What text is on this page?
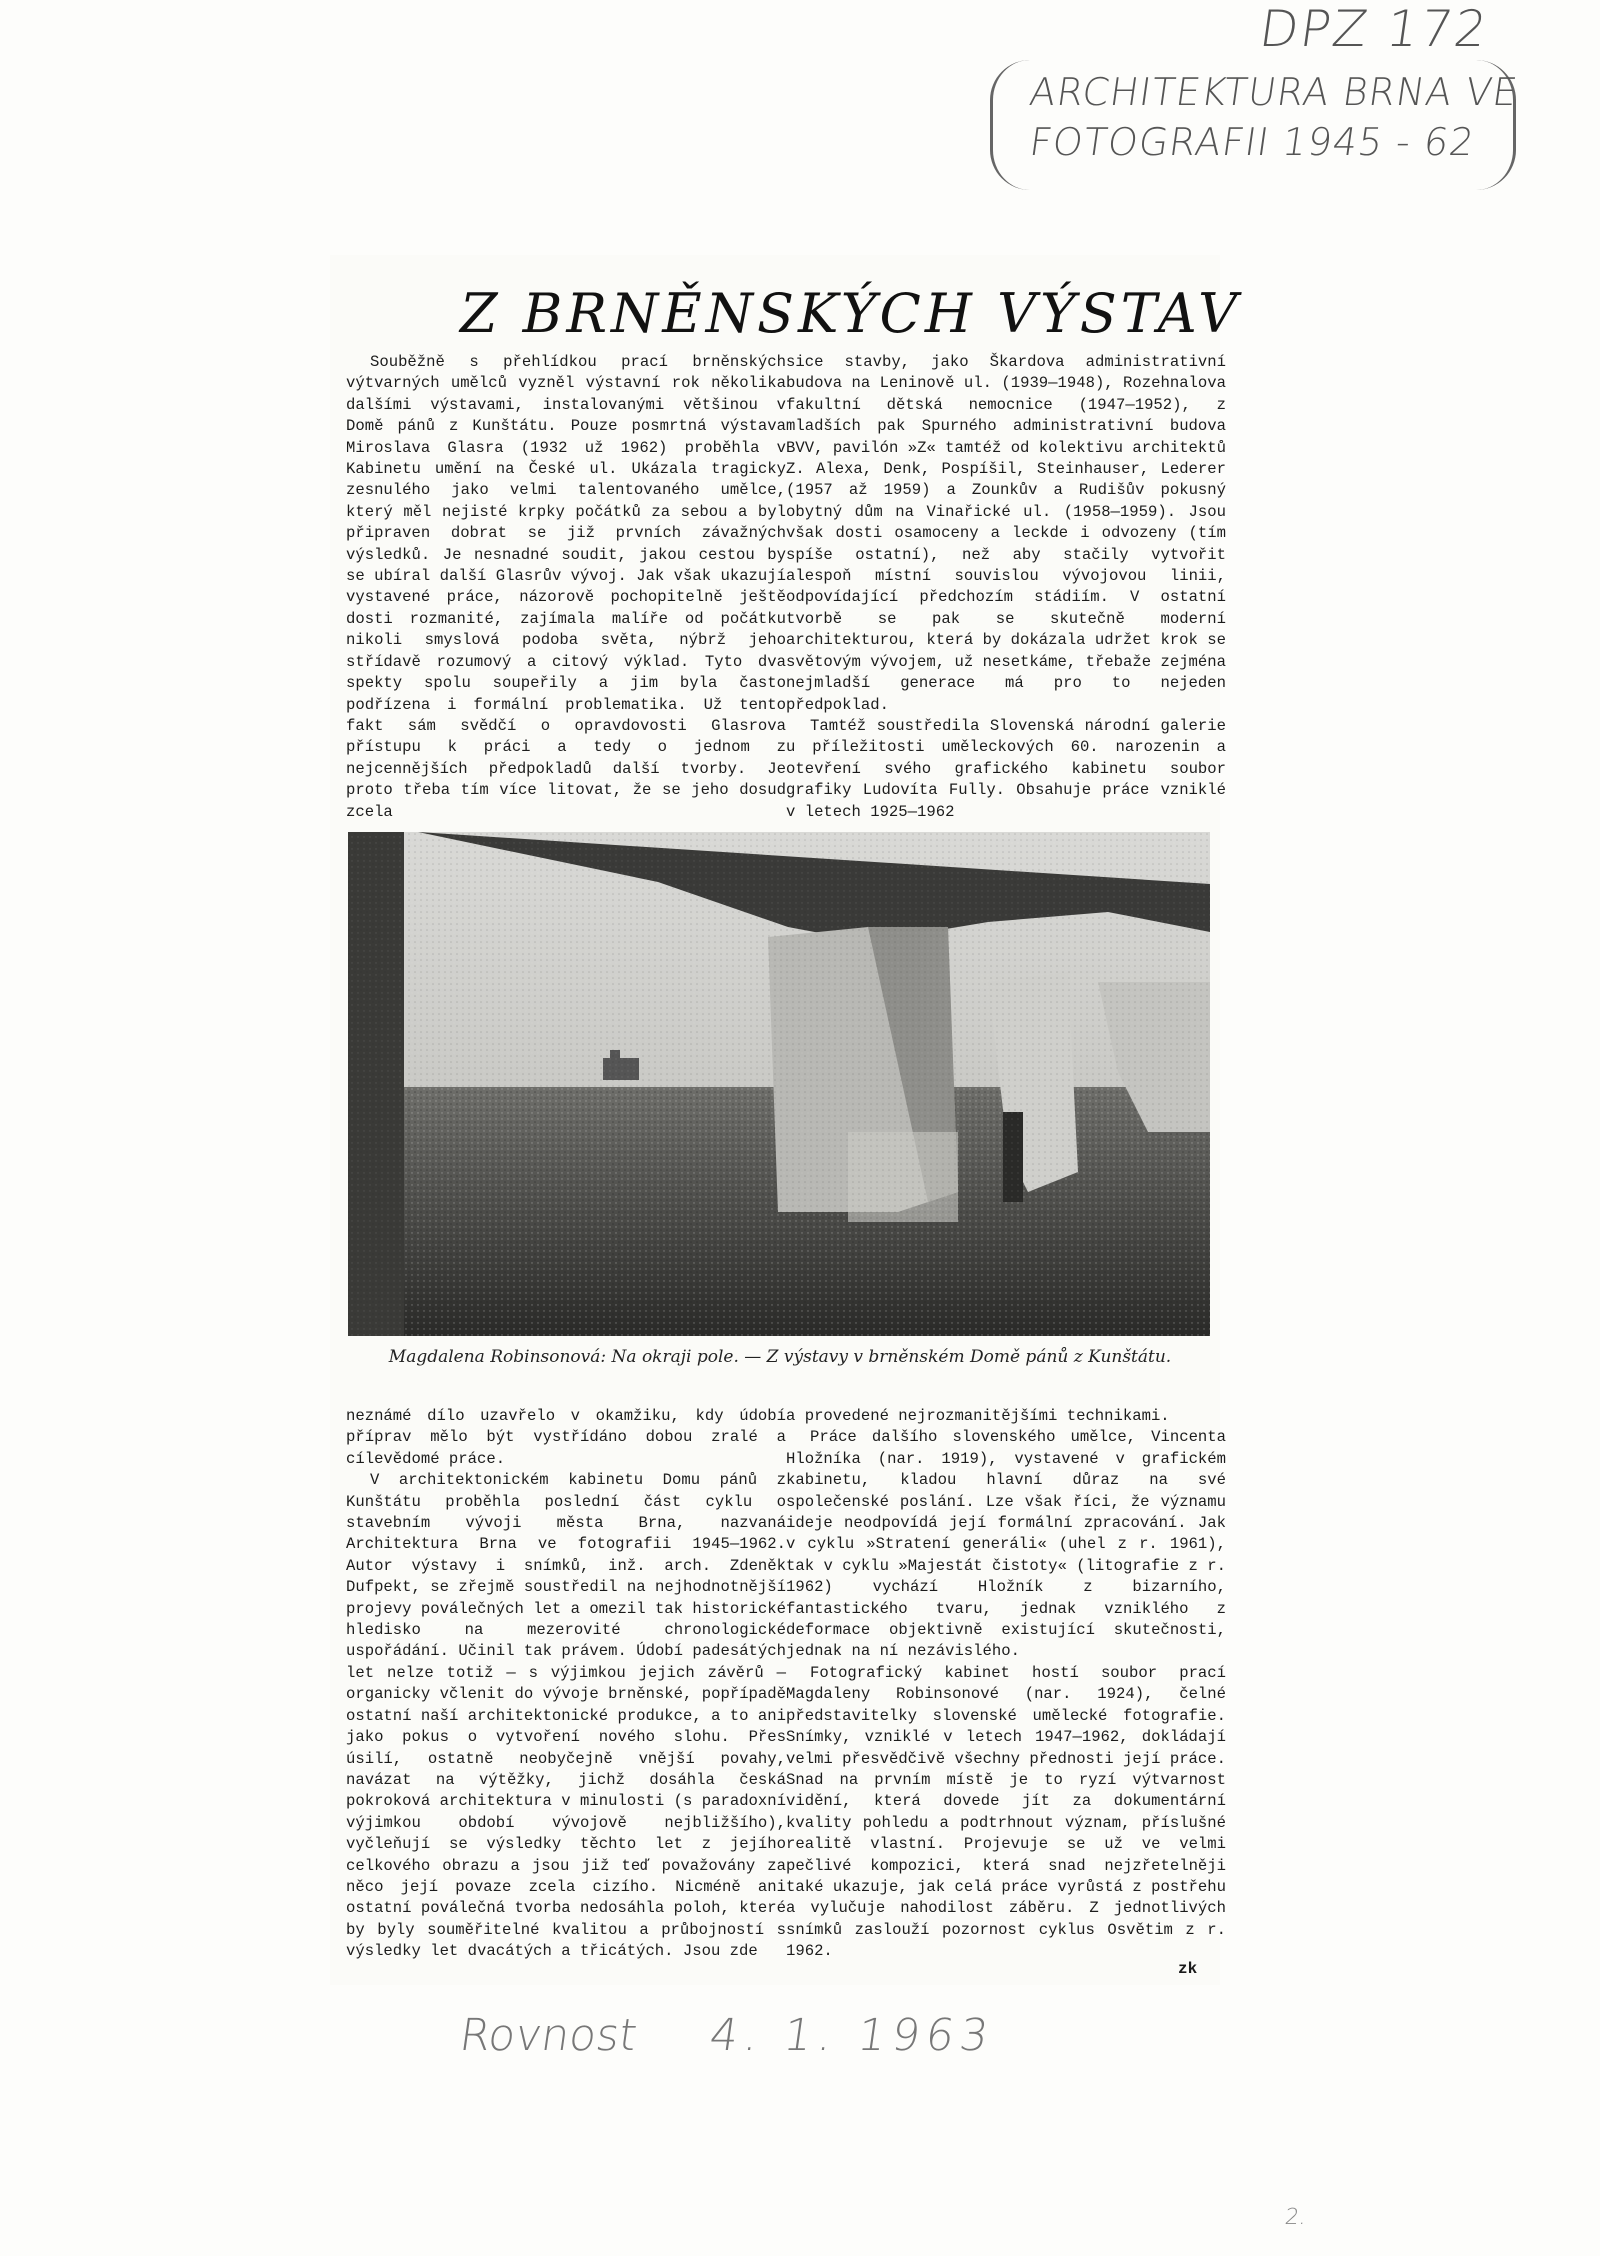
DPZ 172
ARCHITEKTURA BRNA VE
FOTOGRAFII 1945 - 62
Z BRNĚNSKÝCH VÝSTAV

Souběžně s přehlídkou prací brněnských výtvarných umělců vyzněl výstavní rok několika dalšími výstavami, instalovanými většinou v Domě pánů z Kunštátu. Pouze posmrtná výstava Miroslava Glasra (1932 už 1962) proběhla v Kabinetu umění na České ul. Ukázala tragicky zesnulého jako velmi talentovaného umělce, který měl nejisté krpky počátků za sebou a byl připraven dobrat se již prvních závažných výsledků. Je nesnadné soudit, jakou cestou by se ubíral další Glasrův vývoj. Jak však ukazují vystavené práce, názorově pochopitelně ještě dosti rozmanité, zajímala malíře od počátku nikoli smyslová podoba světa, nýbrž jeho střídavě rozumový a citový výklad. Tyto dva spekty spolu soupeřily a jim byla často podřízena i formální problematika. Už tento fakt sám svědčí o opravdovosti Glasrova přístupu k práci a tedy o jednom z nejcennějších předpokladů další tvorby. Je proto třeba tím více litovat, že se jeho dosud zcela

sice stavby, jako Škardova administrativní budova na Leninově ul. (1939—1948), Rozehnalova fakultní dětská nemocnice (1947—1952), z mladších pak Spurného administrativní budova BVV, pavilón »Z« tamtéž od kolektivu architektů Z. Alexa, Denk, Pospíšil, Steinhauser, Lederer (1957 až 1959) a Zounkův a Rudišův pokusný obytný dům na Vinařické ul. (1958—1959). Jsou však dosti osamoceny a leckde i odvozeny (tím spíše ostatní), než aby stačily vytvořit alespoň místní souvislou vývojovou linii, odpovídající předchozím stádiím. V ostatní tvorbě se pak se skutečně moderní architekturou, která by dokázala udržet krok se světovým vývojem, už nesetkáme, třebaže zejména nejmladší generace má pro to nejeden předpoklad.

Tamtéž soustředila Slovenská národní galerie u příležitosti uměleckových 60. narozenin a otevření svého grafického kabinetu soubor grafiky Ludovíta Fully. Obsahuje práce vzniklé v letech 1925—1962

Magdalena Robinsonová: Na okraji pole. — Z výstavy v brněnském Domě pánů z Kunštátu.

neznámé dílo uzavřelo v okamžiku, kdy údobí příprav mělo být vystřídáno dobou zralé a cílevědomé práce.

V architektonickém kabinetu Domu pánů z Kunštátu proběhla poslední část cyklu o stavebním vývoji města Brna, nazvaná Architektura Brna ve fotografii 1945—1962. Autor výstavy i snímků, inž. arch. Zdeněk Dufpekt, se zřejmě soustředil na nejhodnotnější projevy poválečných let a omezil tak historické hledisko na mezerovité chronologické uspořádání. Učinil tak právem. Údobí padesátých let nelze totiž — s výjimkou jejich závěrů — organicky včlenit do vývoje brněnské, popřípadě ostatní naší architektonické produkce, a to ani jako pokus o vytvoření nového slohu. Přes úsilí, ostatně neobyčejně vnější povahy, navázat na výtěžky, jichž dosáhla česká pokroková architektura v minulosti (s paradoxní výjimkou období vývojově nejbližšího), vyčleňují se výsledky těchto let z jejího celkového obrazu a jsou již teď považovány za něco její povaze zcela cizího. Nicméně ani ostatní poválečná tvorba nedosáhla poloh, které by byly souměřitelné kvalitou a průbojností s výsledky let dvacátých a třicátých. Jsou zde

a provedené nejrozmanitějšími technikami.

Práce dalšího slovenského umělce, Vincenta Hložníka (nar. 1919), vystavené v grafickém kabinetu, kladou hlavní důraz na své společenské poslání. Lze však říci, že významu ideje neodpovídá její formální zpracování. Jak v cyklu »Stratení generáli« (uhel z r. 1961), tak v cyklu »Majestát čistoty« (litografie z r. 1962) vychází Hložník z bizarního, fantastického tvaru, jednak vzniklého z deformace objektivně existující skutečnosti, jednak na ní nezávislého.

Fotografický kabinet hostí soubor prací Magdaleny Robinsonové (nar. 1924), čelné představitelky slovenské umělecké fotografie. Snímky, vzniklé v letech 1947—1962, dokládají velmi přesvědčivě všechny přednosti její práce. Snad na prvním místě je to ryzí výtvarnost vidění, která dovede jít za dokumentární kvality pohledu a podtrhnout význam, příslušné realitě vlastní. Projevuje se už ve velmi pečlivé kompozici, která snad nejzřetelněji také ukazuje, jak celá práce vyrůstá z postřehu a vylučuje nahodilost záběru. Z jednotlivých snímků zaslouží pozornost cyklus Osvětim z r. 1962.

zk
Rovnost 4. 1. 1963
2.
